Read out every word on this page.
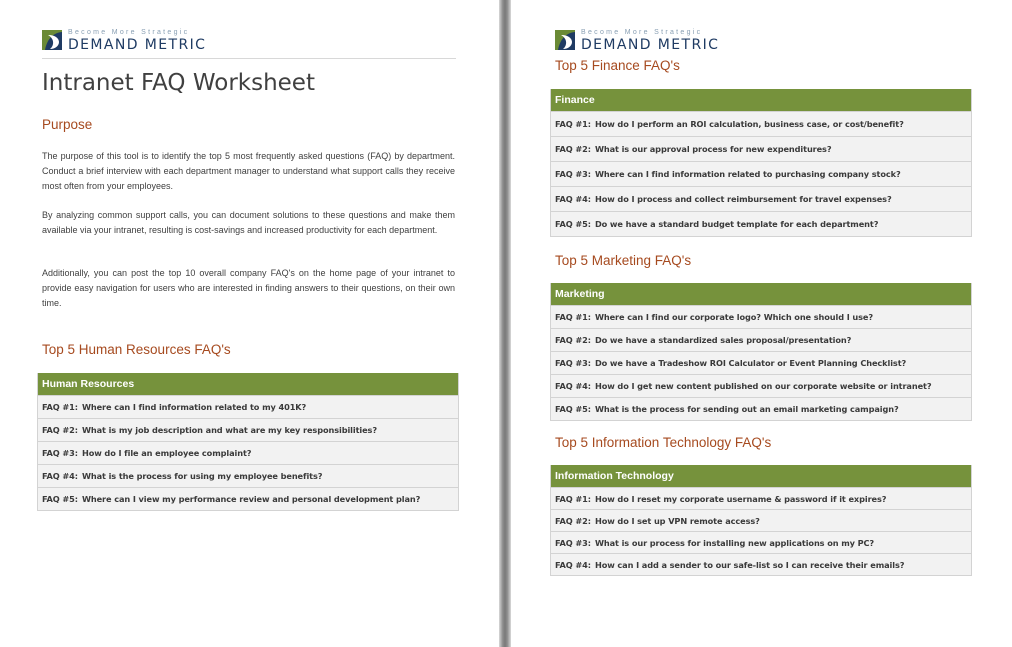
Become More Strategic
DEMAND METRIC
Intranet FAQ Worksheet
Purpose

The purpose of this tool is to identify the top 5 most frequently asked questions (FAQ) by department. Conduct a brief interview with each department manager to understand what support calls they receive most often from your employees.

By analyzing common support calls, you can document solutions to these questions and make them available via your intranet, resulting is cost-savings and increased productivity for each department.

Additionally, you can post the top 10 overall company FAQ's on the home page of your intranet to provide easy navigation for users who are interested in finding answers to their questions, on their own time.

Top 5 Human Resources FAQ's
Human Resources
FAQ #1: Where can I find information related to my 401K?
FAQ #2: What is my job description and what are my key responsibilities?
FAQ #3: How do I file an employee complaint?
FAQ #4: What is the process for using my employee benefits?
FAQ #5: Where can I view my performance review and personal development plan?
Become More Strategic
DEMAND METRIC
Top 5 Finance FAQ's
Finance
FAQ #1: How do I perform an ROI calculation, business case, or cost/benefit?
FAQ #2: What is our approval process for new expenditures?
FAQ #3: Where can I find information related to purchasing company stock?
FAQ #4: How do I process and collect reimbursement for travel expenses?
FAQ #5: Do we have a standard budget template for each department?
Top 5 Marketing FAQ's
Marketing
FAQ #1: Where can I find our corporate logo? Which one should I use?
FAQ #2: Do we have a standardized sales proposal/presentation?
FAQ #3: Do we have a Tradeshow ROI Calculator or Event Planning Checklist?
FAQ #4: How do I get new content published on our corporate website or intranet?
FAQ #5: What is the process for sending out an email marketing campaign?
Top 5 Information Technology FAQ's
Information Technology
FAQ #1: How do I reset my corporate username & password if it expires?
FAQ #2: How do I set up VPN remote access?
FAQ #3: What is our process for installing new applications on my PC?
FAQ #4: How can I add a sender to our safe-list so I can receive their emails?
